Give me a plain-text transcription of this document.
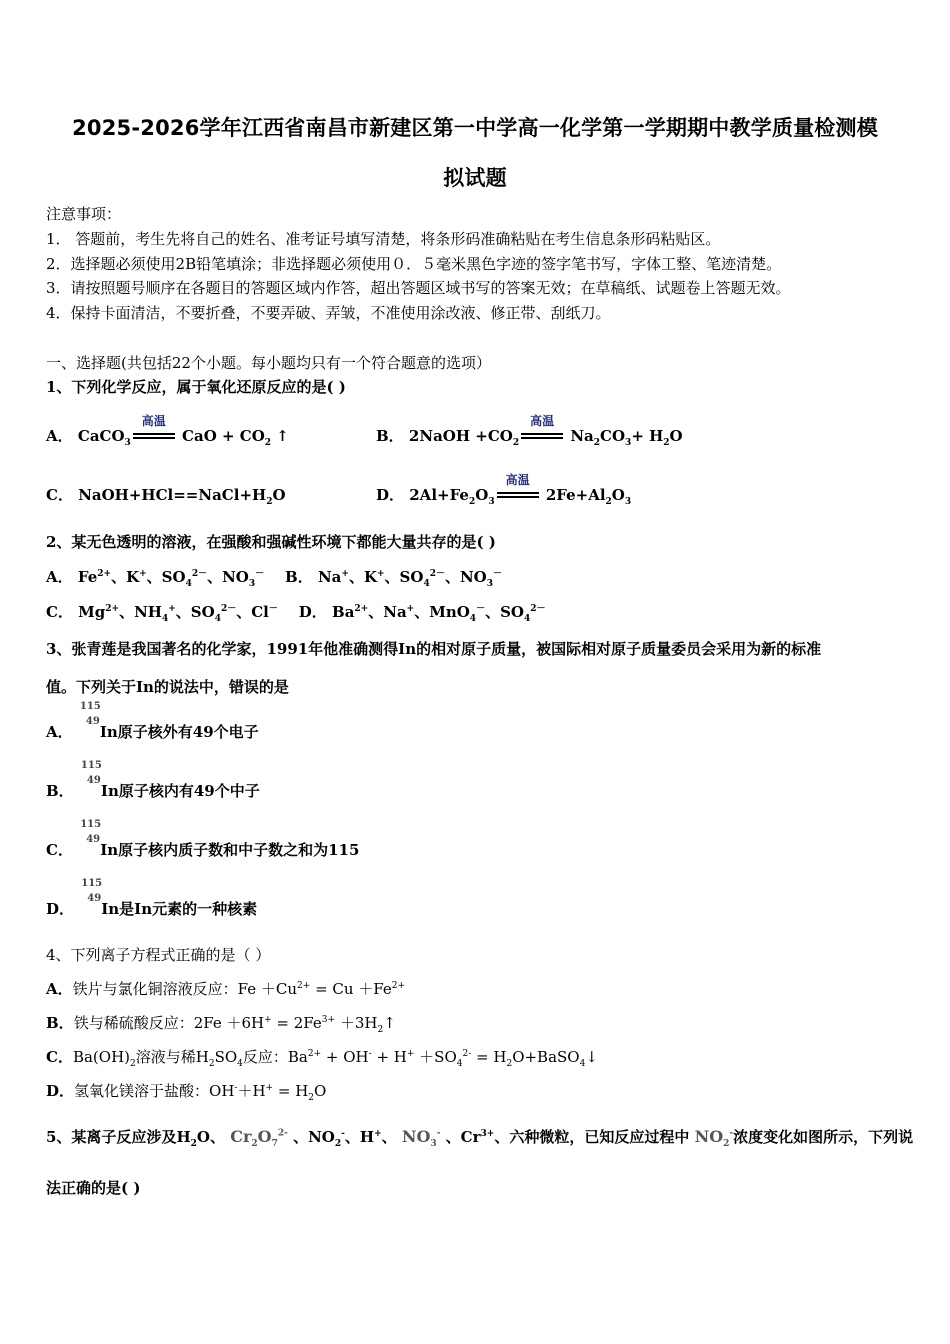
2025-2026学年江西省南昌市新建区第一中学高一化学第一学期期中教学质量检测模
拟试题
注意事项：
1． 答题前，考生先将自己的姓名、准考证号填写清楚，将条形码准确粘贴在考生信息条形码粘贴区。
2．选择题必须使用2B铅笔填涂；非选择题必须使用０．５毫米黑色字迹的签字笔书写，字体工整、笔迹清楚。
3．请按照题号顺序在各题目的答题区域内作答，超出答题区域书写的答案无效；在草稿纸、试题卷上答题无效。
4．保持卡面清洁，不要折叠，不要弄破、弄皱，不准使用涂改液、修正带、刮纸刀。
一、选择题(共包括22个小题。每小题均只有一个符合题意的选项）
1、下列化学反应，属于氧化还原反应的是( )
A． CaCO$_3$
高温
CaO + $CO_2$ ↑	B． 2NaOH $+CO_2$
高温
$Na_2CO_3+ H_2O$
C． $NaOH+HCl==NaCl+H_2O$	D． $2Al+Fe_2O_3$
高温
$2Fe+Al_2O_3$
2、某无色透明的溶液，在强酸和强碱性环境下都能大量共存的是( )
A． $Fe^{2+}$、K+、$SO_4^{2-}$、$NO_3^-$ B． Na+、K+、$SO_4^{2-}$、$NO_3^-$
C． $Mg^{2+}$、$NH_4^+$、$SO_4^{2-}$、Cl－ D． $Ba^{2+}$、Na+、MnO$_4$－、$SO_4^{2-}$
3、张青莲是我国著名的化学家，1991年他准确测得In的相对原子质量，被国际相对原子质量委员会采用为新的标准
值。下列关于In的说法中，错误的是
A．
115
49
In原子核外有49个电子
B．
115
49
In原子核内有49个中子
C．
115
49
In原子核内质子数和中子数之和为115
D．
115
49
In是In元素的一种核素
4、下列离子方程式正确的是（ ）
A．铁片与氯化铜溶液反应：$Fe +Cu^{2+} = Cu +Fe^{2+}$
B．铁与稀硫酸反应：$2Fe +6H^+ = 2Fe^{3+}$ $+3H_2↑$
C．$Ba(OH)_2$溶液与稀$H_2SO_4$反应：$Ba^{2+} + OH^- + H^+ +SO_4^{2-}$ = $H_2O+BaSO_4↓$
D．氢氧化镁溶于盐酸：$OH^-+H^+ = H_2O$
5、某离子反应涉及$H_2O$、 $Cr_2O_7^{2-}$ 、$NO_2^-$、H+、 $NO_3^-$ 、$Cr^{3+}$、六种微粒，已知反应过程中 $NO_2^-$浓度变化如图所示，下列说
法正确的是( )
